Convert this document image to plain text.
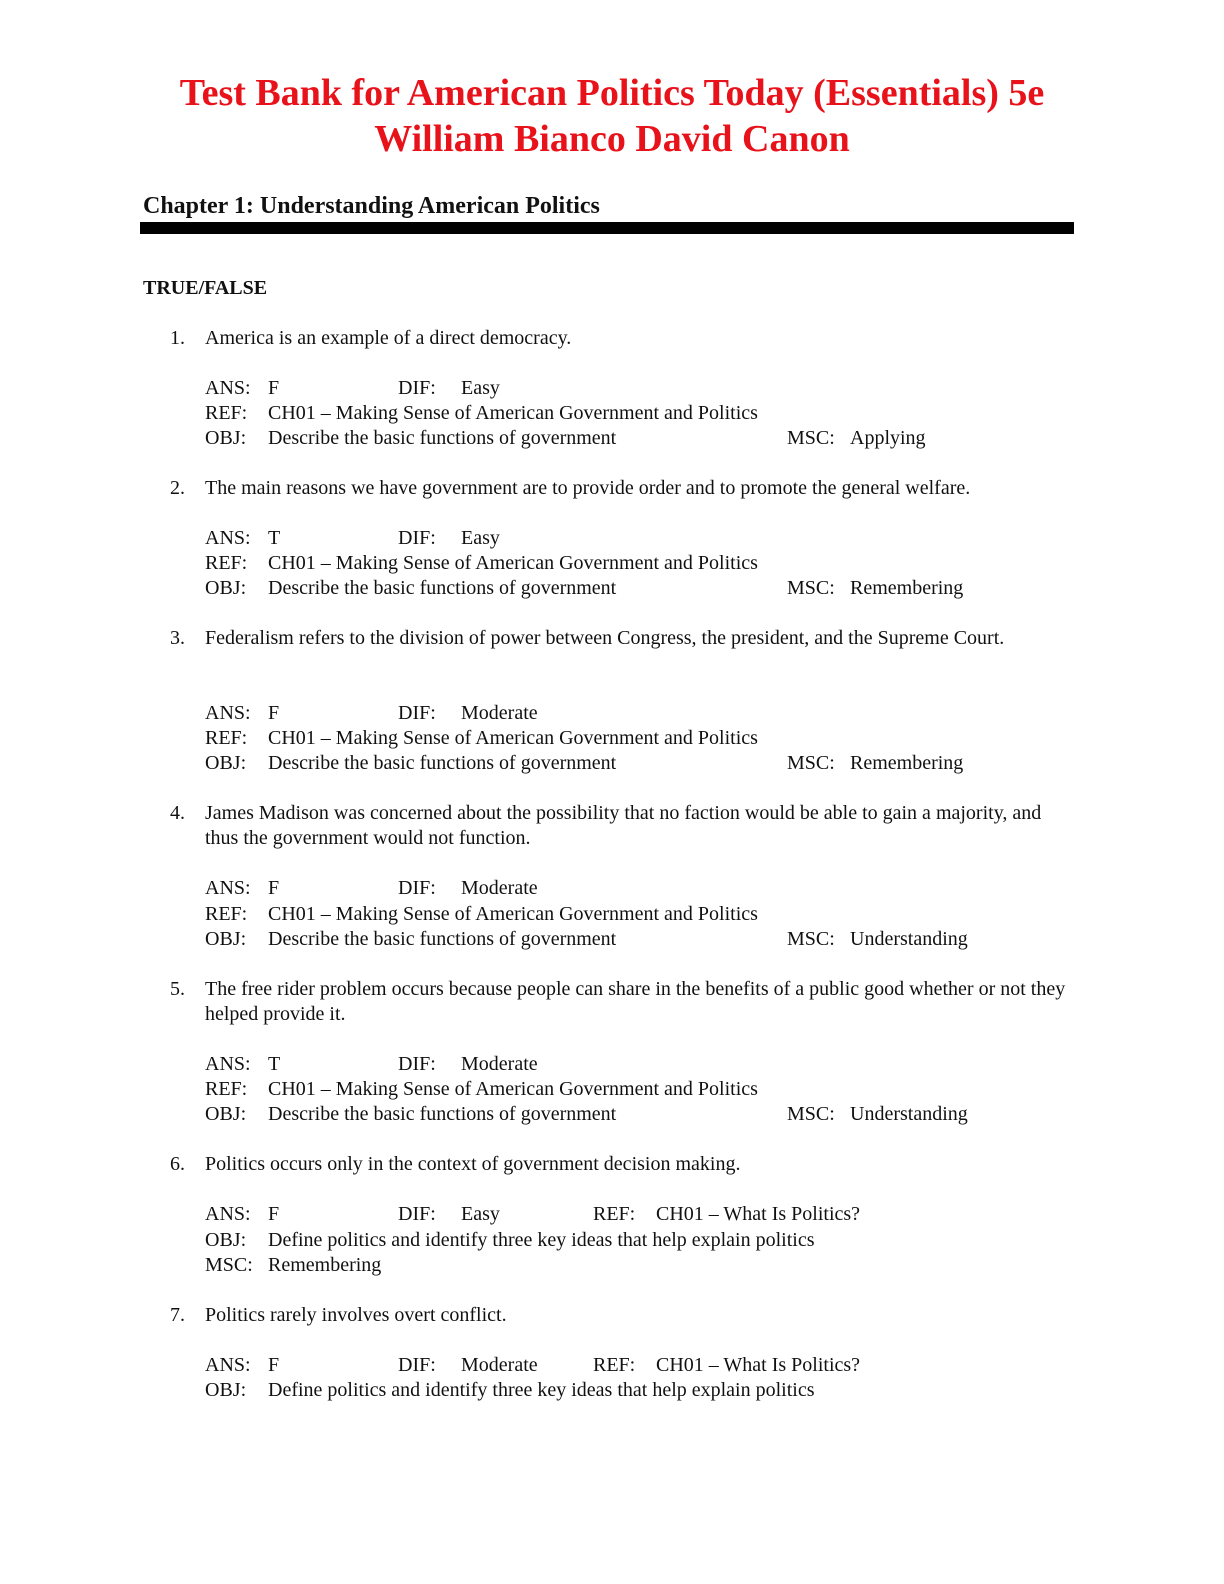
Test Bank for American Politics Today (Essentials) 5e
William Bianco David Canon
Chapter 1: Understanding American Politics
TRUE/FALSE
1. America is an example of a direct democracy.
ANS: F	DIF: Easy
REF: CH01 – Making Sense of American Government and Politics
OBJ: Describe the basic functions of government	MSC: Applying
2. The main reasons we have government are to provide order and to promote the general welfare.
ANS: T	DIF: Easy
REF: CH01 – Making Sense of American Government and Politics
OBJ: Describe the basic functions of government	MSC: Remembering
3. Federalism refers to the division of power between Congress, the president, and the Supreme Court.
ANS: F	DIF: Moderate
REF: CH01 – Making Sense of American Government and Politics
OBJ: Describe the basic functions of government	MSC: Remembering
4. James Madison was concerned about the possibility that no faction would be able to gain a majority, and thus the government would not function.
ANS: F	DIF: Moderate
REF: CH01 – Making Sense of American Government and Politics
OBJ: Describe the basic functions of government	MSC: Understanding
5. The free rider problem occurs because people can share in the benefits of a public good whether or not they helped provide it.
ANS: T	DIF: Moderate
REF: CH01 – Making Sense of American Government and Politics
OBJ: Describe the basic functions of government	MSC: Understanding
6. Politics occurs only in the context of government decision making.
ANS: F	DIF: Easy	REF: CH01 – What Is Politics?
OBJ: Define politics and identify three key ideas that help explain politics
MSC: Remembering
7. Politics rarely involves overt conflict.
ANS: F	DIF: Moderate	REF: CH01 – What Is Politics?
OBJ: Define politics and identify three key ideas that help explain politics
